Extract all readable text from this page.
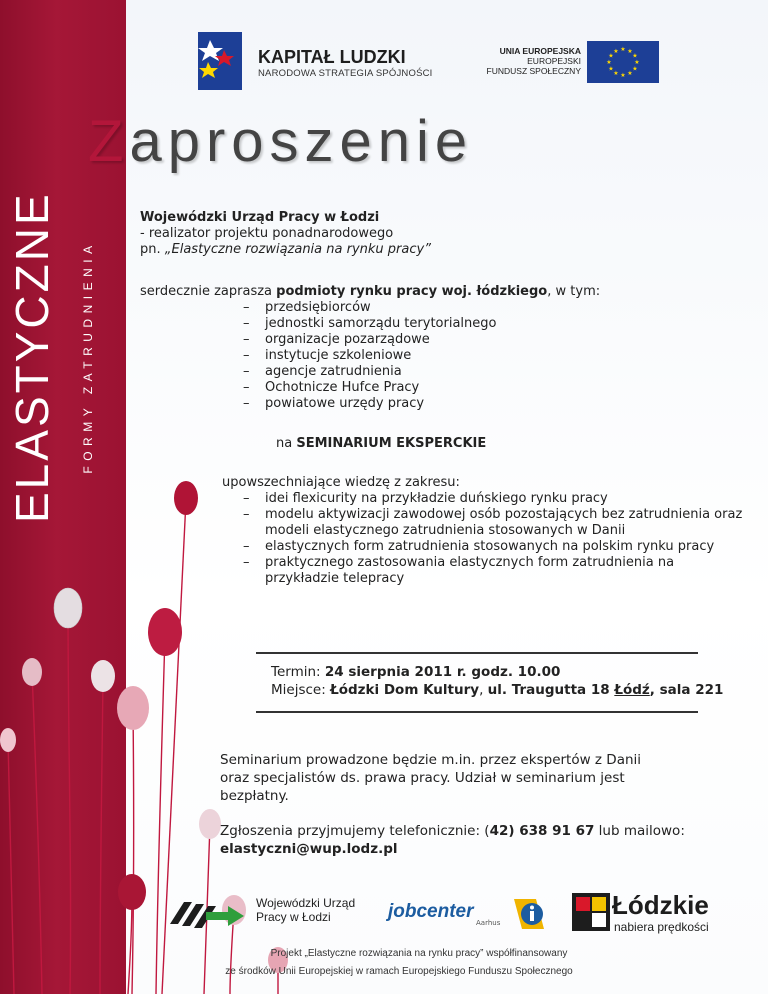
ELASTYCZNE FORMY ZATRUDNIENIA
KAPITAŁ LUDZKI
NARODOWA STRATEGIA SPÓJNOŚCI
UNIA EUROPEJSKA
EUROPEJSKI
FUNDUSZ SPOŁECZNY
★ ★
★
★
★
★
★
★
★
★
★
★
Zaproszenie
Wojewódzki Urząd Pracy w Łodzi
- realizator projektu ponadnarodowego
pn. „Elastyczne rozwiązania na rynku pracy”
serdecznie zaprasza podmioty rynku pracy woj. łódzkiego, w tym:
– przedsiębiorców
– jednostki samorządu terytorialnego
– organizacje pozarządowe
– instytucje szkoleniowe
– agencje zatrudnienia
– Ochotnicze Hufce Pracy
– powiatowe urzędy pracy
na SEMINARIUM EKSPERCKIE
upowszechniające wiedzę z zakresu:
– idei flexicurity na przykładzie duńskiego rynku pracy
– modelu aktywizacji zawodowej osób pozostających bez zatrudnienia oraz modeli elastycznego zatrudnienia stosowanych w Danii
– elastycznych form zatrudnienia stosowanych na polskim rynku pracy
– praktycznego zastosowania elastycznych form zatrudnienia na przykładzie telepracy
Termin: 24 sierpnia 2011 r. godz. 10.00
Miejsce: Łódzki Dom Kultury, ul. Traugutta 18 Łódź, sala 221
Seminarium prowadzone będzie m.in. przez ekspertów z Danii
oraz specjalistów ds. prawa pracy. Udział w seminarium jest
bezpłatny.
Zgłoszenia przyjmujemy telefonicznie: (42) 638 91 67 lub mailowo:
elastyczni@wup.lodz.pl
Wojewódzki Urząd
Pracy w Łodzi	jobcenter
Aarhus
Łódzkie
nabiera prędkości
Projekt „Elastyczne rozwiązania na rynku pracy” współfinansowany
ze środków Unii Europejskiej w ramach Europejskiego Funduszu Społecznego
